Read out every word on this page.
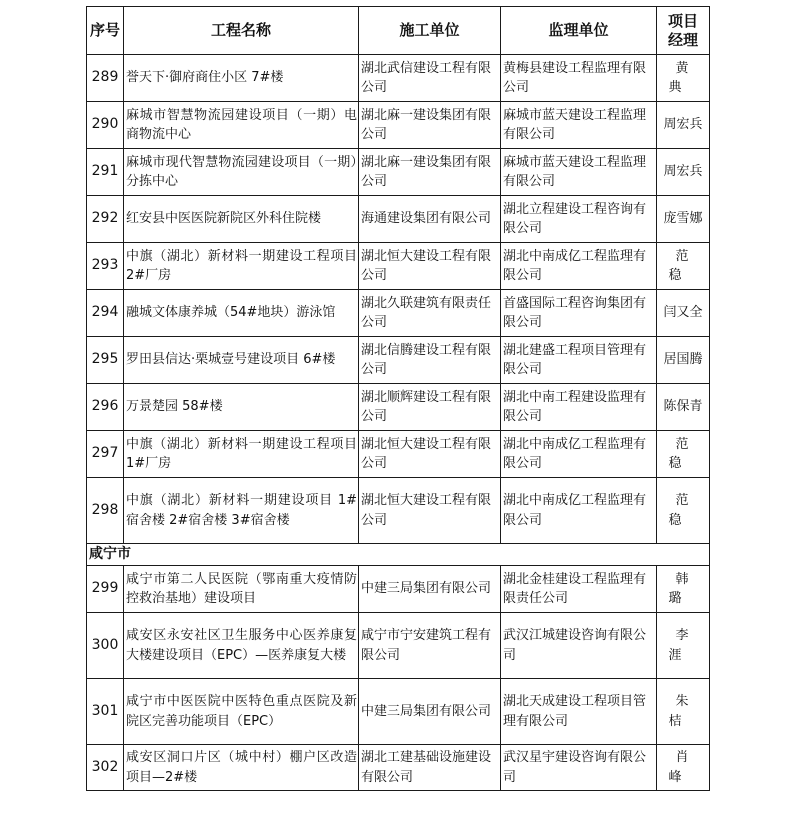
序号	工程名称	施工单位	监理单位	项目经理

289	誉天下·御府商住小区 7#楼	湖北武信建设工程有限公司	黄梅县建设工程监理有限公司	黄典
290	麻城市智慧物流园建设项目（一期）电商物流中心	湖北麻一建设集团有限公司	麻城市蓝天建设工程监理有限公司	周宏兵
291	麻城市现代智慧物流园建设项目（一期）分拣中心	湖北麻一建设集团有限公司	麻城市蓝天建设工程监理有限公司	周宏兵
292	红安县中医医院新院区外科住院楼	海通建设集团有限公司	湖北立程建设工程咨询有限公司	庞雪娜
293	中旗（湖北）新材料一期建设工程项目 2#厂房	湖北恒大建设工程有限公司	湖北中南成亿工程监理有限公司	范稳
294	融城文体康养城（54#地块）游泳馆	湖北久联建筑有限责任公司	首盛国际工程咨询集团有限公司	闫又全
295	罗田县信达·栗城壹号建设项目 6#楼	湖北信腾建设工程有限公司	湖北建盛工程项目管理有限公司	居国腾
296	万景楚园 58#楼	湖北顺辉建设工程有限公司	湖北中南工程建设监理有限公司	陈保青
297	中旗（湖北）新材料一期建设工程项目 1#厂房	湖北恒大建设工程有限公司	湖北中南成亿工程监理有限公司	范稳
298	中旗（湖北）新材料一期建设项目 1#宿舍楼 2#宿舍楼 3#宿舍楼	湖北恒大建设工程有限公司	湖北中南成亿工程监理有限公司	范稳
咸宁市				
299	咸宁市第二人民医院（鄂南重大疫情防控救治基地）建设项目	中建三局集团有限公司	湖北金桂建设工程监理有限责任公司	韩璐
300	咸安区永安社区卫生服务中心医养康复大楼建设项目（EPC）—医养康复大楼	咸宁市宁安建筑工程有限公司	武汉江城建设咨询有限公司	李涯
301	咸宁市中医医院中医特色重点医院及新院区完善功能项目（EPC）	中建三局集团有限公司	湖北天成建设工程项目管理有限公司	朱桔
302	咸安区洞口片区（城中村）棚户区改造项目—2#楼	湖北工建基础设施建设有限公司	武汉星宇建设咨询有限公司	肖峰
